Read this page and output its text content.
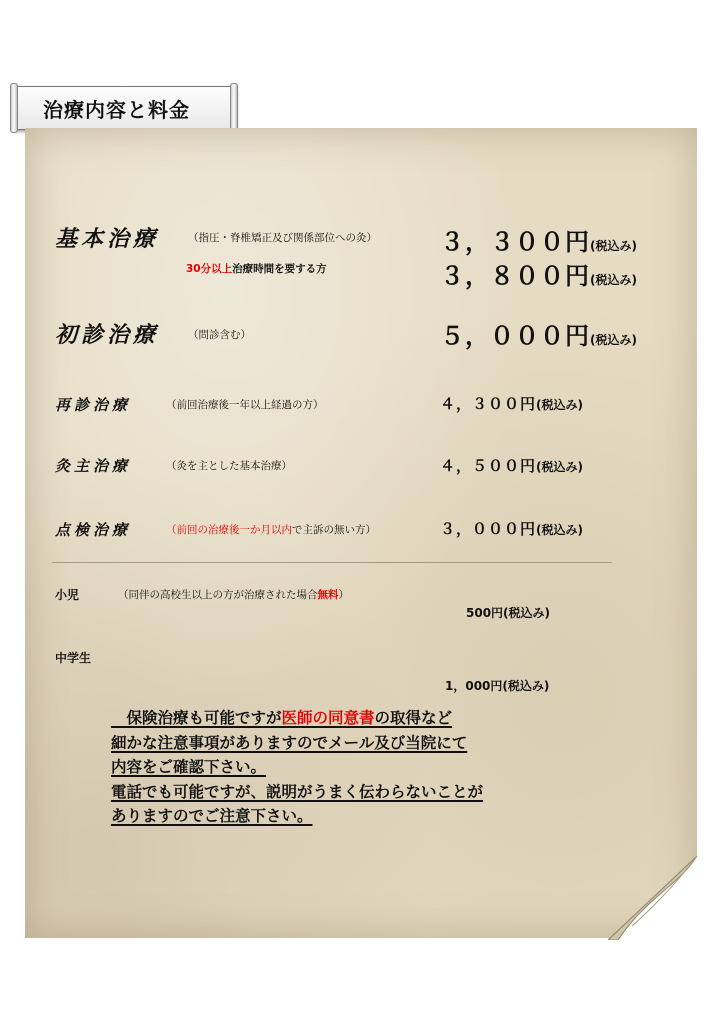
治療内容と料金
基本治療	（指圧・脊椎矯正及び関係部位への灸）	３，３００円(税込み)
30分以上治療時間を要する方	３，８００円(税込み)
初診治療	（問診含む）	５，０００円(税込み)
再診治療	（前回治療後一年以上経過の方）	４，３００円(税込み)
灸主治療	（灸を主とした基本治療）	４，５００円(税込み)
点検治療	（前回の治療後一か月以内で主訴の無い方）	３，０００円(税込み)
小児	（同伴の高校生以上の方が治療された場合無料）
500円(税込み)
中学生
1，000円(税込み)
　保険治療も可能ですが医師の同意書の取得など
細かな注意事項がありますのでメール及び当院にて
内容をご確認下さい。
電話でも可能ですが、説明がうまく伝わらないことが
ありますのでご注意下さい。
